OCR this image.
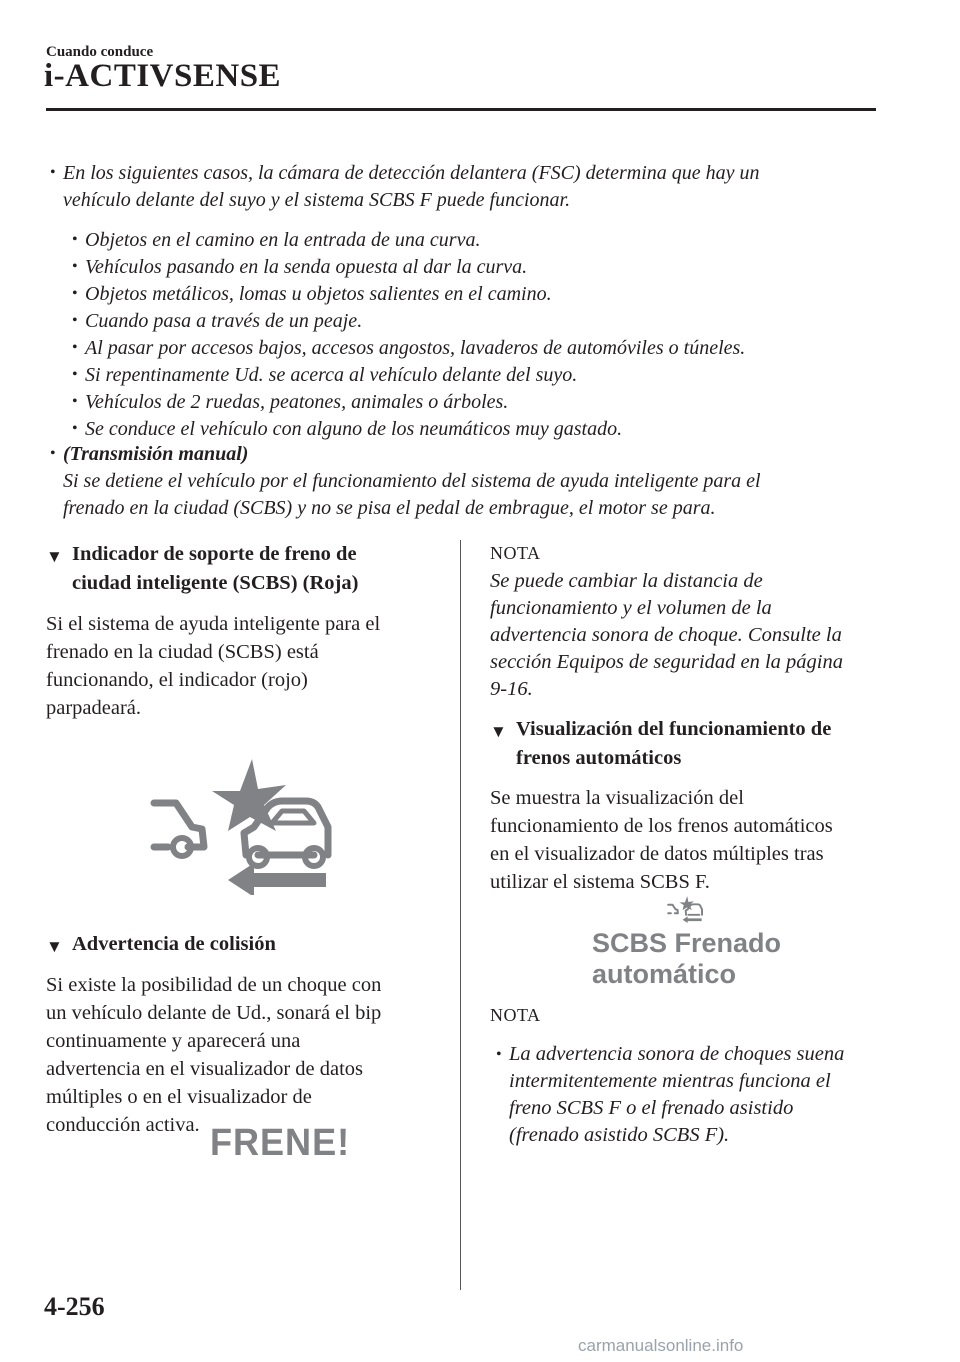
Cuando conduce
i-ACTIVSENSE
• En los siguientes casos, la cámara de detección delantera (FSC) determina que hay un
vehículo delante del suyo y el sistema SCBS F puede funcionar.
• Objetos en el camino en la entrada de una curva.
• Vehículos pasando en la senda opuesta al dar la curva.
• Objetos metálicos, lomas u objetos salientes en el camino.
• Cuando pasa a través de un peaje.
• Al pasar por accesos bajos, accesos angostos, lavaderos de automóviles o túneles.
• Si repentinamente Ud. se acerca al vehículo delante del suyo.
• Vehículos de 2 ruedas, peatones, animales o árboles.
• Se conduce el vehículo con alguno de los neumáticos muy gastado.
• (Transmisión manual)
Si se detiene el vehículo por el funcionamiento del sistema de ayuda inteligente para el
frenado en la ciudad (SCBS) y no se pisa el pedal de embrague, el motor se para.
▼ Indicador de soporte de freno de
ciudad inteligente (SCBS) (Roja)
Si el sistema de ayuda inteligente para el
frenado en la ciudad (SCBS) está
funcionando, el indicador (rojo)
parpadeará.
▼ Advertencia de colisión
Si existe la posibilidad de un choque con
un vehículo delante de Ud., sonará el bip
continuamente y aparecerá una
advertencia en el visualizador de datos
múltiples o en el visualizador de
conducción activa. FRENE!
NOTA
Se puede cambiar la distancia de
funcionamiento y el volumen de la
advertencia sonora de choque. Consulte la
sección Equipos de seguridad en la página
9-16.
▼ Visualización del funcionamiento de
frenos automáticos
Se muestra la visualización del
funcionamiento de los frenos automáticos
en el visualizador de datos múltiples tras
utilizar el sistema SCBS F.
SCBS Frenado
automático
NOTA
• La advertencia sonora de choques suena
intermitentemente mientras funciona el
freno SCBS F o el frenado asistido
(frenado asistido SCBS F).
4-256
carmanualsonline.info
